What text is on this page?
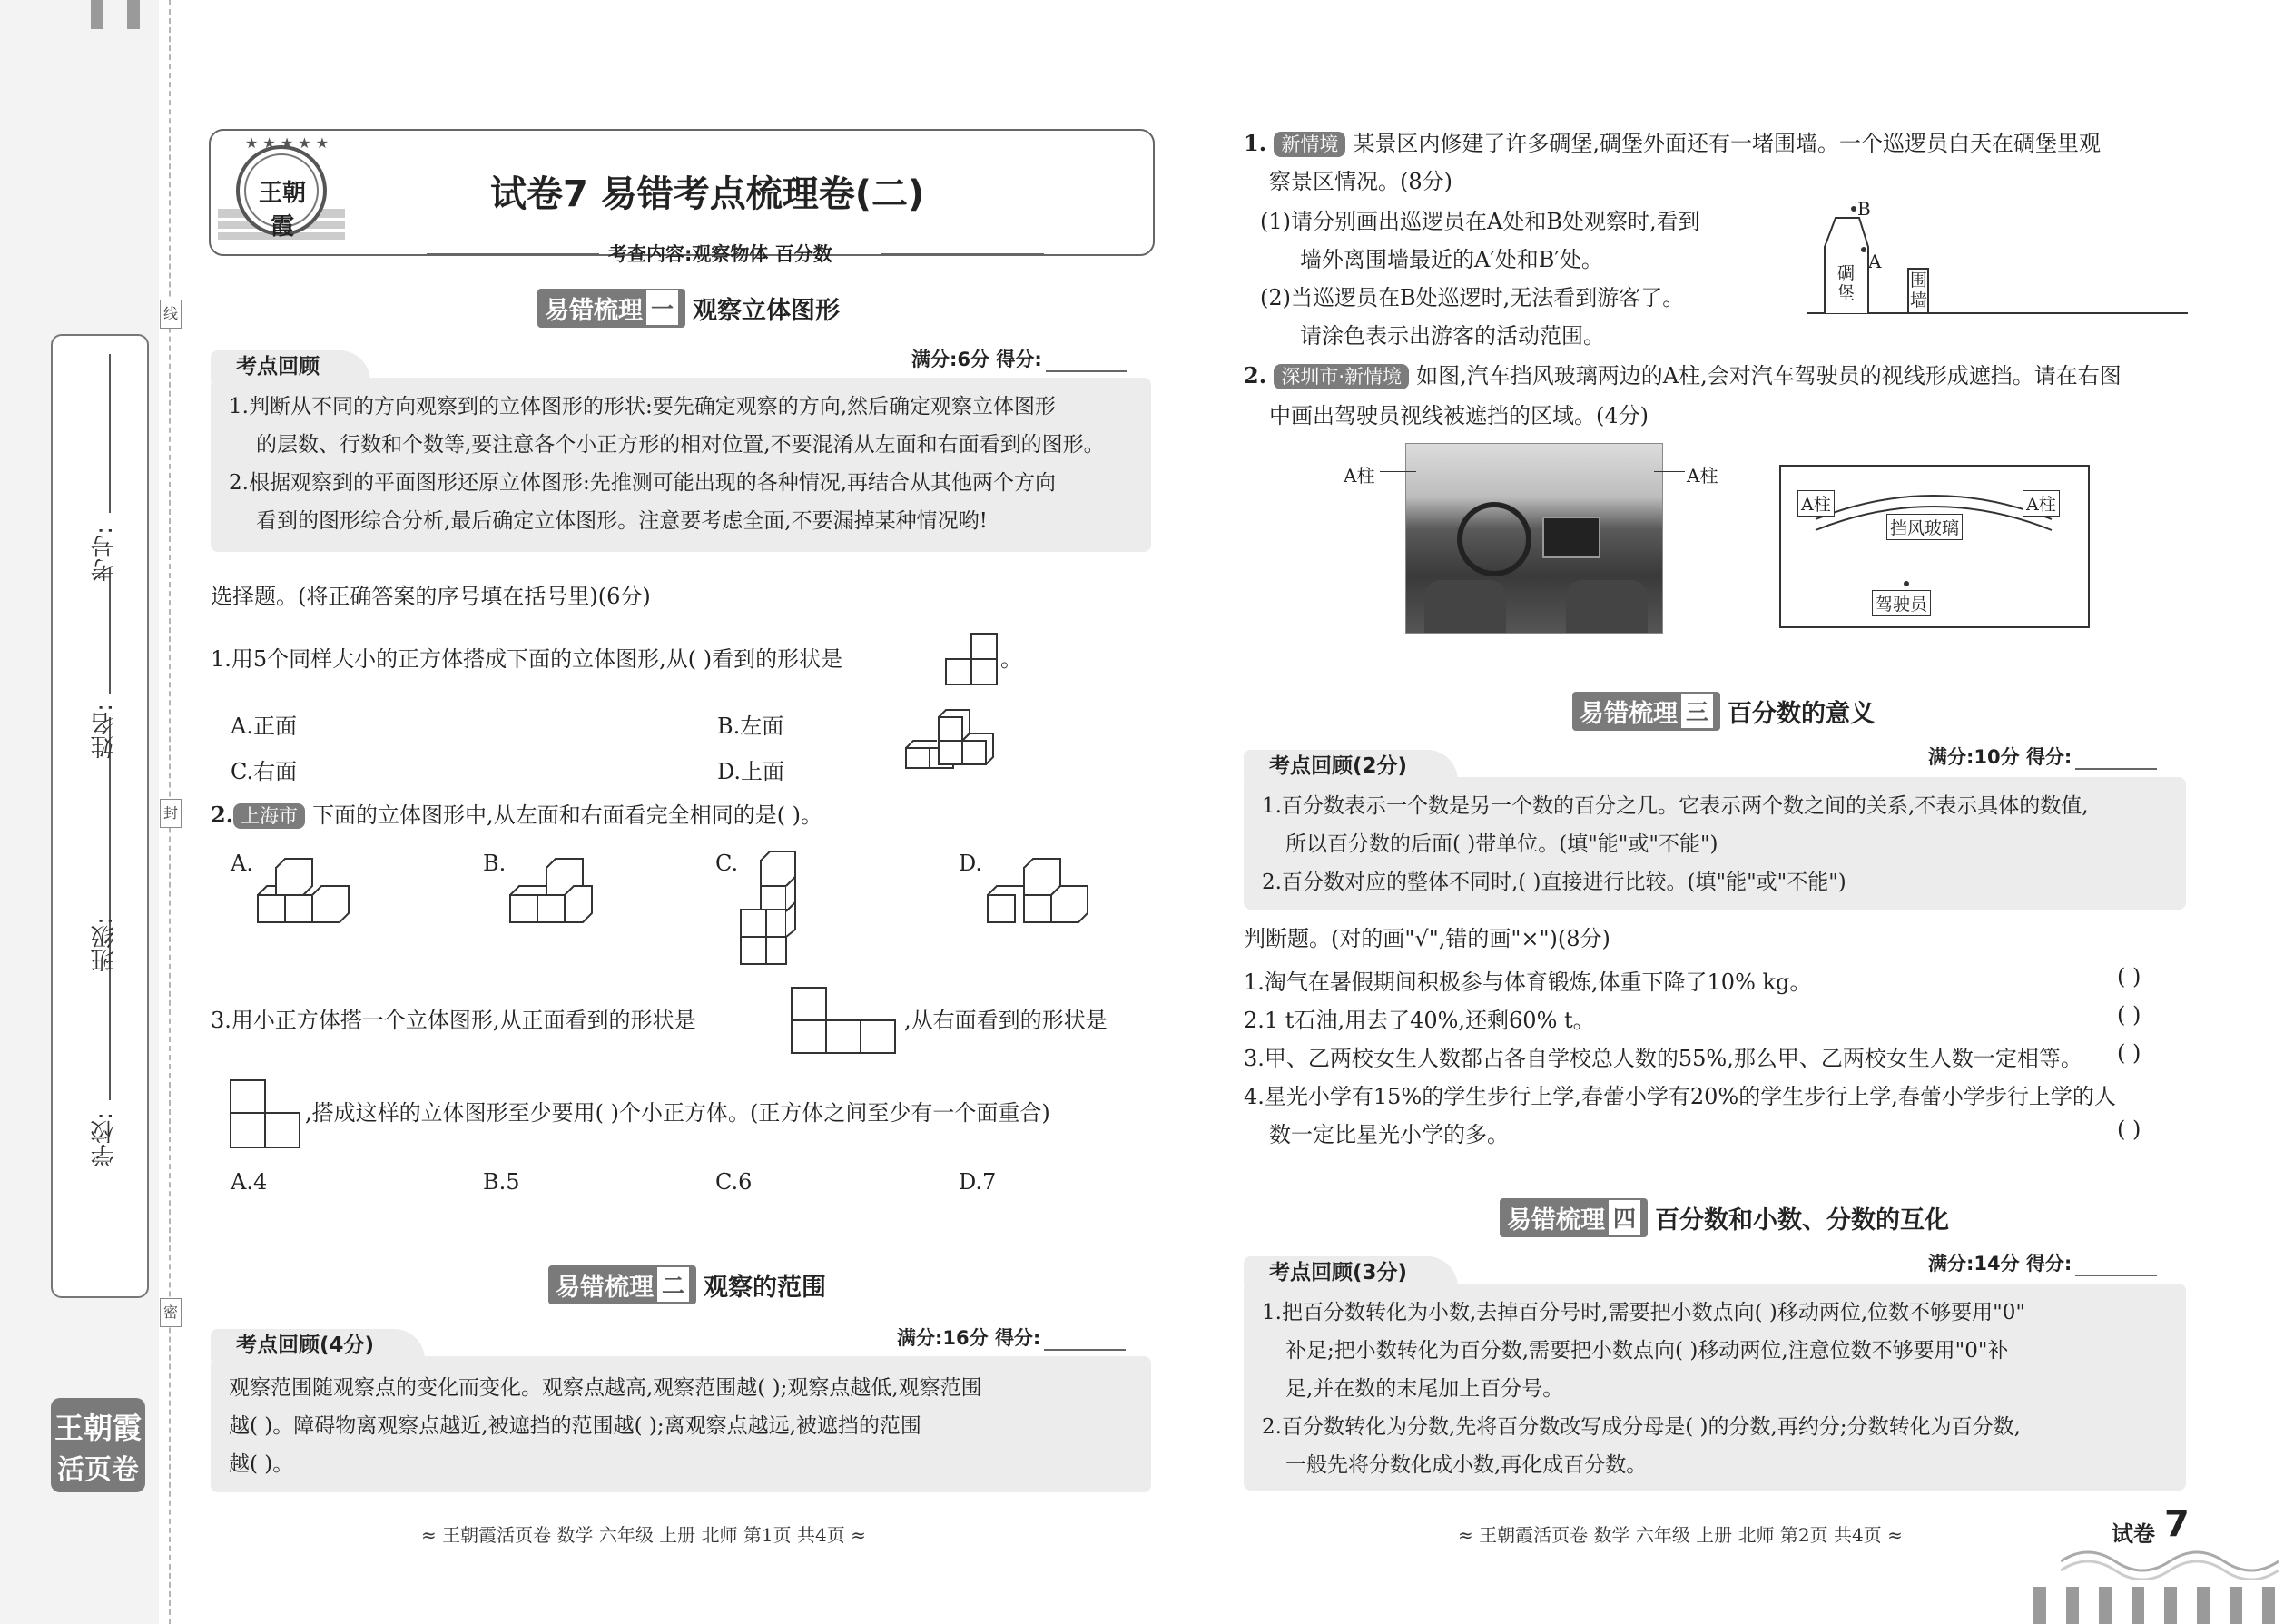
线
封
密
学校:
班级:
姓名:
考号:
王朝霞
活页卷
★ ★ ★ ★ ★
王朝霞
试卷7 易错考点梳理卷(二)
考查内容:观察物体 百分数
易错梳理 一 观察立体图形
考点回顾	满分:6分 得分:
1.判断从不同的方向观察到的立体图形的形状:要先确定观察的方向,然后确定观察立体图形
的层数、行数和个数等,要注意各个小正方形的相对位置,不要混淆从左面和右面看到的图形。
2.根据观察到的平面图形还原立体图形:先推测可能出现的各种情况,再结合从其他两个方向
看到的图形综合分析,最后确定立体图形。注意要考虑全面,不要漏掉某种情况哟!
选择题。(将正确答案的序号填在括号里)(6分)
1.用5个同样大小的正方体搭成下面的立体图形,从( )看到的形状是	。
A.正面	B.左面
C.右面	D.上面
2. 上海市 下面的立体图形中,从左面和右面看完全相同的是( )。
A.	B.	C.	D.
3.用小正方体搭一个立体图形,从正面看到的形状是	,从右面看到的形状是
,搭成这样的立体图形至少要用( )个小正方体。(正方体之间至少有一个面重合)
A.4	B.5	C.6	D.7
易错梳理 二 观察的范围
考点回顾(4分)	满分:16分 得分:
观察范围随观察点的变化而变化。观察点越高,观察范围越( );观察点越低,观察范围
越( )。障碍物离观察点越近,被遮挡的范围越( );离观察点越远,被遮挡的范围
越( )。
≈ 王朝霞活页卷 数学 六年级 上册 北师 第1页 共4页 ≈
1. 新情境 某景区内修建了许多碉堡,碉堡外面还有一堵围墙。一个巡逻员白天在碉堡里观
察景区情况。(8分)
(1)请分别画出巡逻员在A处和B处观察时,看到
墙外离围墙最近的A′处和B′处。
(2)当巡逻员在B处巡逻时,无法看到游客了。
请涂色表示出游客的活动范围。
B
A
碉堡
围墙
2. 深圳市·新情境 如图,汽车挡风玻璃两边的A柱,会对汽车驾驶员的视线形成遮挡。请在右图
中画出驾驶员视线被遮挡的区域。(4分)
A柱	A柱
A柱	A柱
挡风玻璃
驾驶员
易错梳理 三 百分数的意义
考点回顾(2分)	满分:10分 得分:
1.百分数表示一个数是另一个数的百分之几。它表示两个数之间的关系,不表示具体的数值,
所以百分数的后面( )带单位。(填"能"或"不能")
2.百分数对应的整体不同时,( )直接进行比较。(填"能"或"不能")
判断题。(对的画"√",错的画"×")(8分)
1.淘气在暑假期间积极参与体育锻炼,体重下降了10% kg。	( )
2.1 t石油,用去了40%,还剩60% t。	( )
3.甲、乙两校女生人数都占各自学校总人数的55%,那么甲、乙两校女生人数一定相等。 ( )
4.星光小学有15%的学生步行上学,春蕾小学有20%的学生步行上学,春蕾小学步行上学的人
数一定比星光小学的多。	( )
易错梳理 四 百分数和小数、分数的互化
考点回顾(3分)	满分:14分 得分:
1.把百分数转化为小数,去掉百分号时,需要把小数点向( )移动两位,位数不够要用"0"
补足;把小数转化为百分数,需要把小数点向( )移动两位,注意位数不够要用"0"补
足,并在数的末尾加上百分号。
2.百分数转化为分数,先将百分数改写成分母是( )的分数,再约分;分数转化为百分数,
一般先将分数化成小数,再化成百分数。
≈ 王朝霞活页卷 数学 六年级 上册 北师 第2页 共4页 ≈	试卷 7
